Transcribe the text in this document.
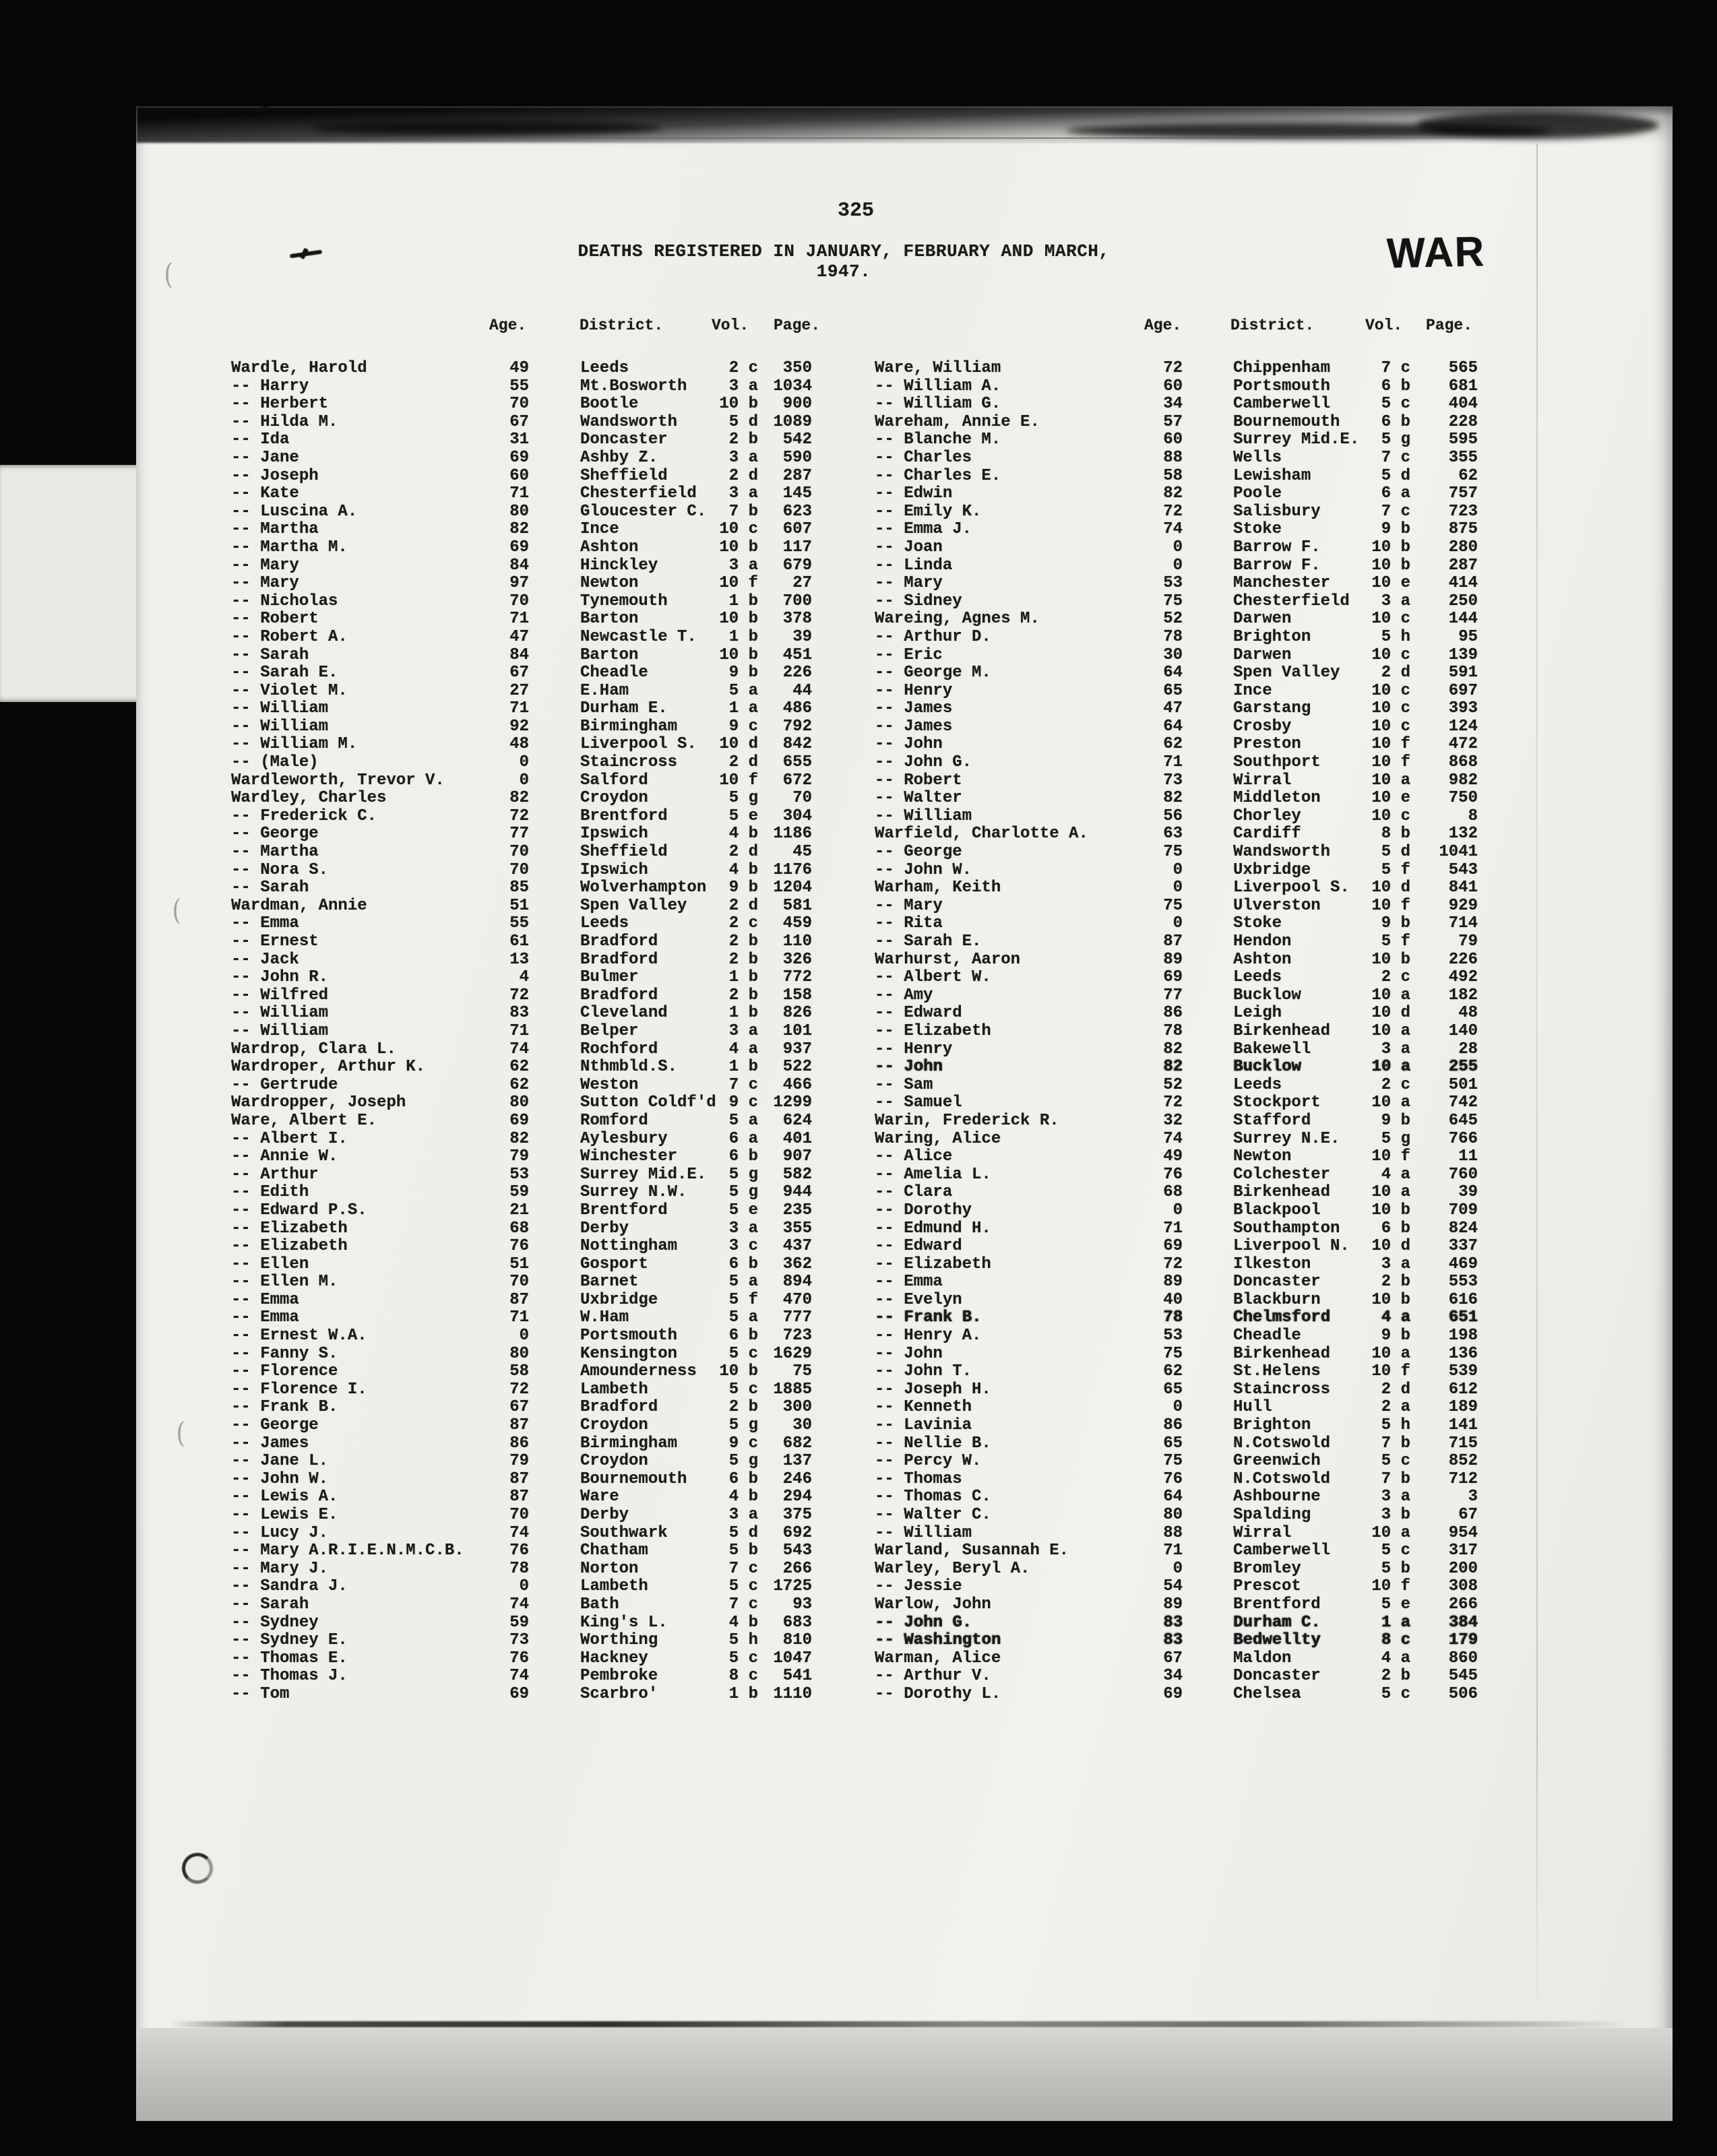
(
(
(
325
DEATHS REGISTERED IN JANUARY, FEBRUARY AND MARCH, 1947.	WAR
Age.	District.	Vol. Page.	Age.	District.	Vol. Page.
Wardle, Harold	49	Leeds	2 c	350
-- Harry	55	Mt.Bosworth	3 a 1034
-- Herbert	70	Bootle	10 b	900
-- Hilda M.	67	Wandsworth	5 d 1089
-- Ida	31	Doncaster	2 b	542
-- Jane	69	Ashby Z.	3 a	590
-- Joseph	60	Sheffield	2 d	287
-- Kate	71	Chesterfield	3 a	145
-- Luscina A.	80	Gloucester C.	7 b	623
-- Martha	82	Ince	10 c	607
-- Martha M.	69	Ashton	10 b	117
-- Mary	84	Hinckley	3 a	679
-- Mary	97	Newton	10 f	27
-- Nicholas	70	Tynemouth	1 b	700
-- Robert	71	Barton	10 b	378
-- Robert A.	47	Newcastle T.	1 b	39
-- Sarah	84	Barton	10 b	451
-- Sarah E.	67	Cheadle	9 b	226
-- Violet M.	27	E.Ham	5 a	44
-- William	71	Durham E.	1 a	486
-- William	92	Birmingham	9 c	792
-- William M.	48	Liverpool S.	10 d	842
-- (Male)	0	Staincross	2 d	655
Wardleworth, Trevor V.	0	Salford	10 f	672
Wardley, Charles	82	Croydon	5 g	70
-- Frederick C.	72	Brentford	5 e	304
-- George	77	Ipswich	4 b 1186
-- Martha	70	Sheffield	2 d	45
-- Nora S.	70	Ipswich	4 b 1176
-- Sarah	85	Wolverhampton	9 b 1204
Wardman, Annie	51	Spen Valley	2 d	581
-- Emma	55	Leeds	2 c	459
-- Ernest	61	Bradford	2 b	110
-- Jack	13	Bradford	2 b	326
-- John R.	4	Bulmer	1 b	772
-- Wilfred	72	Bradford	2 b	158
-- William	83	Cleveland	1 b	826
-- William	71	Belper	3 a	101
Wardrop, Clara L.	74	Rochford	4 a	937
Wardroper, Arthur K.	62	Nthmbld.S.	1 b	522
-- Gertrude	62	Weston	7 c	466
Wardropper, Joseph	80	Sutton Coldf'd 9 c 1299
Ware, Albert E.	69	Romford	5 a	624
-- Albert I.	82	Aylesbury	6 a	401
-- Annie W.	79	Winchester	6 b	907
-- Arthur	53	Surrey Mid.E.	5 g	582
-- Edith	59	Surrey N.W.	5 g	944
-- Edward P.S.	21	Brentford	5 e	235
-- Elizabeth	68	Derby	3 a	355
-- Elizabeth	76	Nottingham	3 c	437
-- Ellen	51	Gosport	6 b	362
-- Ellen M.	70	Barnet	5 a	894
-- Emma	87	Uxbridge	5 f	470
-- Emma	71	W.Ham	5 a	777
-- Ernest W.A.	0	Portsmouth	6 b	723
-- Fanny S.	80	Kensington	5 c 1629
-- Florence	58	Amounderness	10 b	75
-- Florence I.	72	Lambeth	5 c 1885
-- Frank B.	67	Bradford	2 b	300
-- George	87	Croydon	5 g	30
-- James	86	Birmingham	9 c	682
-- Jane L.	79	Croydon	5 g	137
-- John W.	87	Bournemouth	6 b	246
-- Lewis A.	87	Ware	4 b	294
-- Lewis E.	70	Derby	3 a	375
-- Lucy J.	74	Southwark	5 d	692
-- Mary A.R.I.E.N.M.C.B.	76	Chatham	5 b	543
-- Mary J.	78	Norton	7 c	266
-- Sandra J.	0	Lambeth	5 c 1725
-- Sarah	74	Bath	7 c	93
-- Sydney	59	King's L.	4 b	683
-- Sydney E.	73	Worthing	5 h	810
-- Thomas E.	76	Hackney	5 c 1047
-- Thomas J.	74	Pembroke	8 c	541
-- Tom	69	Scarbro'	1 b 1110
Ware, William	72	Chippenham	7 c	565
-- William A.	60	Portsmouth	6 b	681
-- William G.	34	Camberwell	5 c	404
Wareham, Annie E.	57	Bournemouth	6 b	228
-- Blanche M.	60	Surrey Mid.E.	5 g	595
-- Charles	88	Wells	7 c	355
-- Charles E.	58	Lewisham	5 d	62
-- Edwin	82	Poole	6 a	757
-- Emily K.	72	Salisbury	7 c	723
-- Emma J.	74	Stoke	9 b	875
-- Joan	0	Barrow F.	10 b	280
-- Linda	0	Barrow F.	10 b	287
-- Mary	53	Manchester	10 e	414
-- Sidney	75	Chesterfield	3 a	250
Wareing, Agnes M.	52	Darwen	10 c	144
-- Arthur D.	78	Brighton	5 h	95
-- Eric	30	Darwen	10 c	139
-- George M.	64	Spen Valley	2 d	591
-- Henry	65	Ince	10 c	697
-- James	47	Garstang	10 c	393
-- James	64	Crosby	10 c	124
-- John	62	Preston	10 f	472
-- John G.	71	Southport	10 f	868
-- Robert	73	Wirral	10 a	982
-- Walter	82	Middleton	10 e	750
-- William	56	Chorley	10 c	8
Warfield, Charlotte A.	63	Cardiff	8 b	132
-- George	75	Wandsworth	5 d	1041
-- John W.	0	Uxbridge	5 f	543
Warham, Keith	0	Liverpool S.	10 d	841
-- Mary	75	Ulverston	10 f	929
-- Rita	0	Stoke	9 b	714
-- Sarah E.	87	Hendon	5 f	79
Warhurst, Aaron	89	Ashton	10 b	226
-- Albert W.	69	Leeds	2 c	492
-- Amy	77	Bucklow	10 a	182
-- Edward	86	Leigh	10 d	48
-- Elizabeth	78	Birkenhead	10 a	140
-- Henry	82	Bakewell	3 a	28
-- John	82	Bucklow	10 a	255
-- Sam	52	Leeds	2 c	501
-- Samuel	72	Stockport	10 a	742
Warin, Frederick R.	32	Stafford	9 b	645
Waring, Alice	74	Surrey N.E.	5 g	766
-- Alice	49	Newton	10 f	11
-- Amelia L.	76	Colchester	4 a	760
-- Clara	68	Birkenhead	10 a	39
-- Dorothy	0	Blackpool	10 b	709
-- Edmund H.	71	Southampton	6 b	824
-- Edward	69	Liverpool N.	10 d	337
-- Elizabeth	72	Ilkeston	3 a	469
-- Emma	89	Doncaster	2 b	553
-- Evelyn	40	Blackburn	10 b	616
-- Frank B.	78	Chelmsford	4 a	651
-- Henry A.	53	Cheadle	9 b	198
-- John	75	Birkenhead	10 a	136
-- John T.	62	St.Helens	10 f	539
-- Joseph H.	65	Staincross	2 d	612
-- Kenneth	0	Hull	2 a	189
-- Lavinia	86	Brighton	5 h	141
-- Nellie B.	65	N.Cotswold	7 b	715
-- Percy W.	75	Greenwich	5 c	852
-- Thomas	76	N.Cotswold	7 b	712
-- Thomas C.	64	Ashbourne	3 a	3
-- Walter C.	80	Spalding	3 b	67
-- William	88	Wirral	10 a	954
Warland, Susannah E.	71	Camberwell	5 c	317
Warley, Beryl A.	0	Bromley	5 b	200
-- Jessie	54	Prescot	10 f	308
Warlow, John	89	Brentford	5 e	266
-- John G.	83	Durham C.	1 a	384
-- Washington	83	Bedwellty	8 c	179
Warman, Alice	67	Maldon	4 a	860
-- Arthur V.	34	Doncaster	2 b	545
-- Dorothy L.	69	Chelsea	5 c	506
